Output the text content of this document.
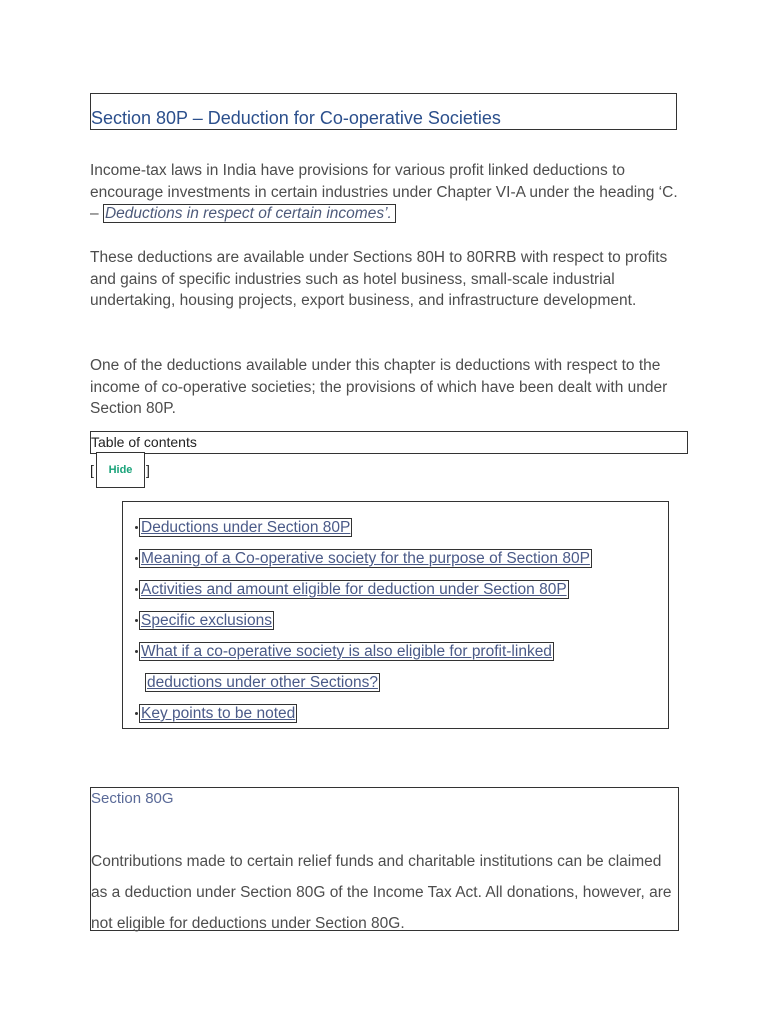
Section 80P – Deduction for Co-operative Societies

Income-tax laws in India have provisions for various profit linked deductions to encourage investments in certain industries under Chapter VI-A under the heading ‘C. – Deductions in respect of certain incomes’.

These deductions are available under Sections 80H to 80RRB with respect to profits and gains of specific industries such as hotel business, small-scale industrial undertaking, housing projects, export business, and infrastructure development.

One of the deductions available under this chapter is deductions with respect to the income of co-operative societies; the provisions of which have been dealt with under Section 80P.

Table of contents
[	Hide ]
Deductions under Section 80P
Meaning of a Co-operative society for the purpose of Section 80P
Activities and amount eligible for deduction under Section 80P
Specific exclusions
What if a co-operative society is also eligible for profit-linked
deductions under other Sections?
Key points to be noted
Section 80G

Contributions made to certain relief funds and charitable institutions can be claimed as a deduction under Section 80G of the Income Tax Act. All donations, however, are not eligible for deductions under Section 80G.
